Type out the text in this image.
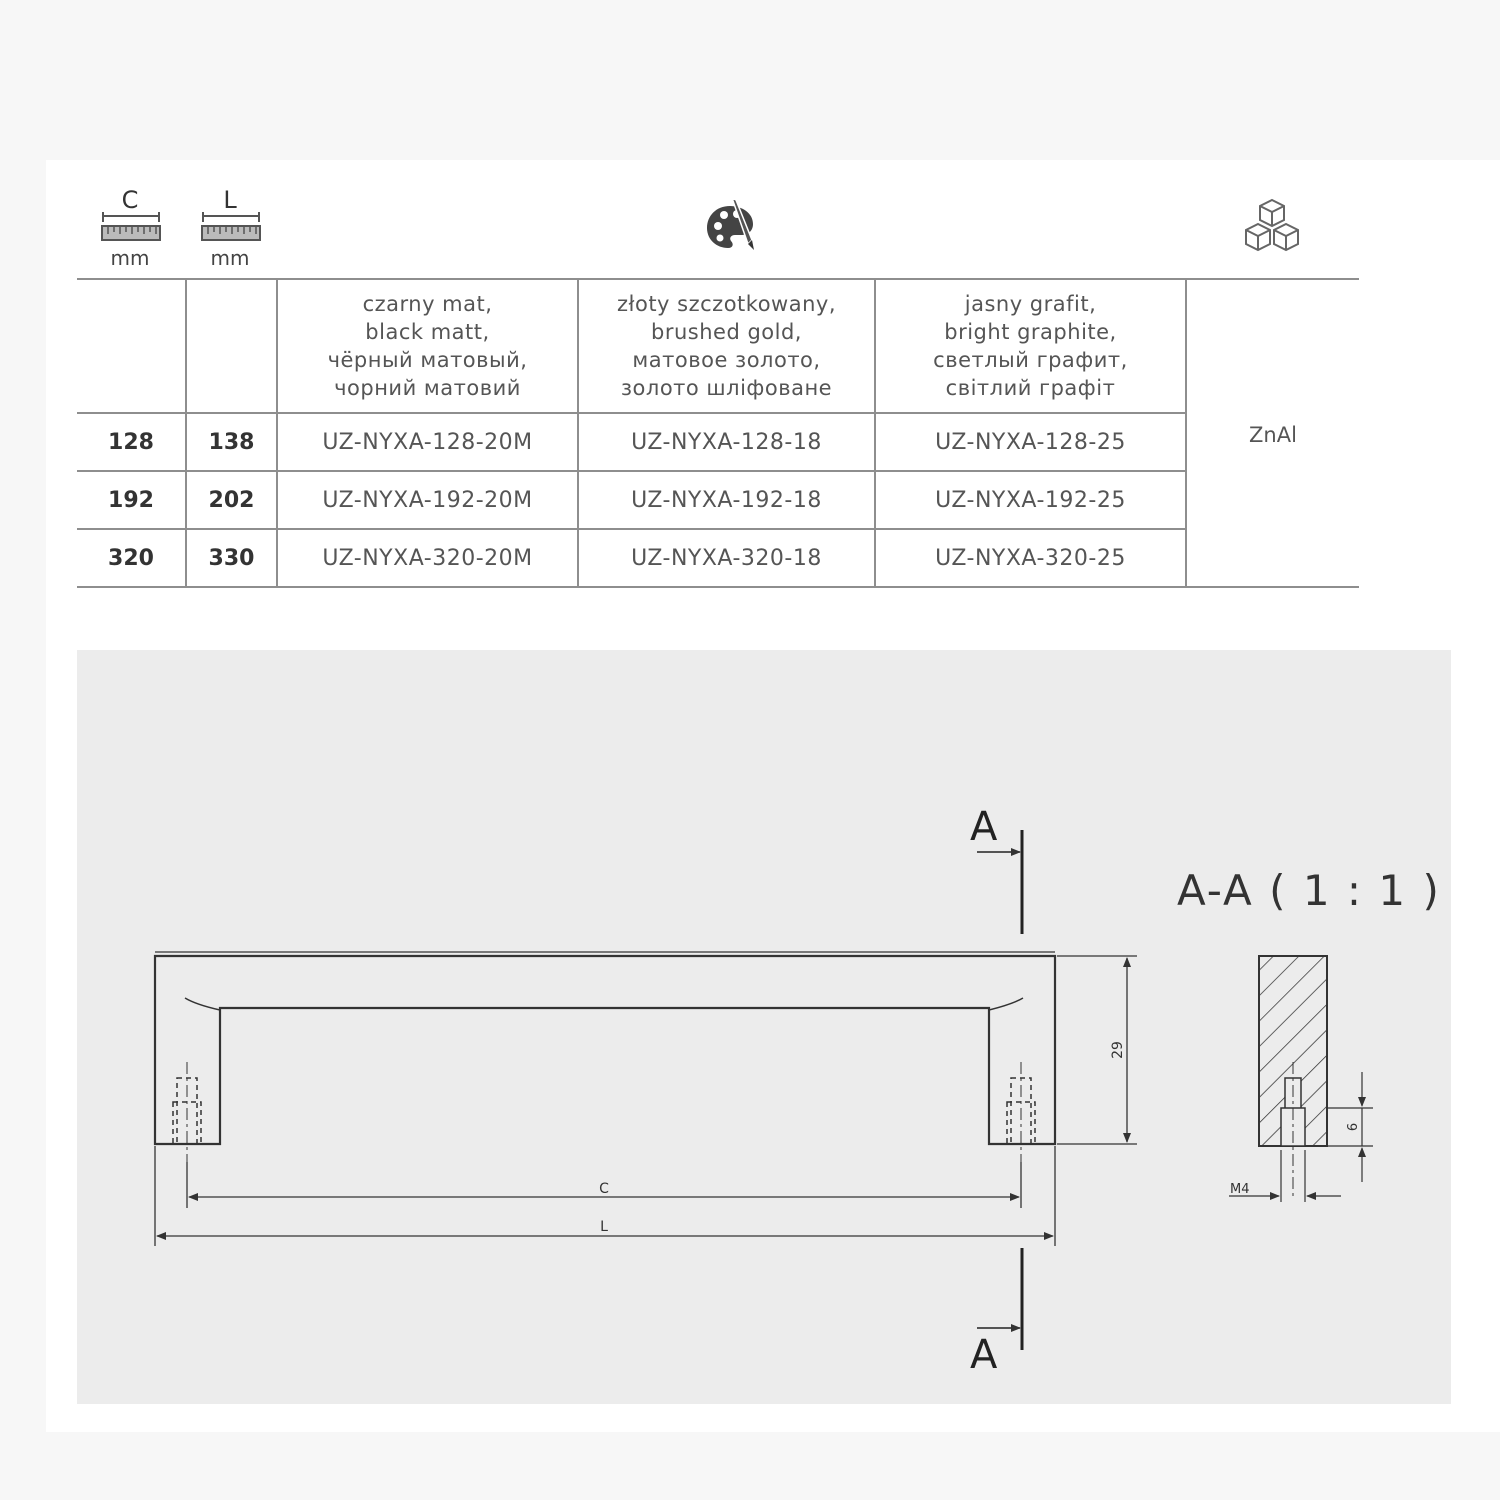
C
mm
L
mm

		czarny mat,
black matt,
чёрный матовый,
чорний матовий	złoty szczotkowany,
brushed gold,
матовое золото,
золото шліфоване	jasny grafit,
bright graphite,
светлый графит,
світлий графіт	

128	138	UZ-NYXA-128-20M	UZ-NYXA-128-18	UZ-NYXA-128-25	ZnAl
192	202	UZ-NYXA-192-20M	UZ-NYXA-192-18	UZ-NYXA-192-25	
320	330	UZ-NYXA-320-20M	UZ-NYXA-320-18	UZ-NYXA-320-25	
C
L
29
6
M4
A
A
A-A ( 1 : 1 )
